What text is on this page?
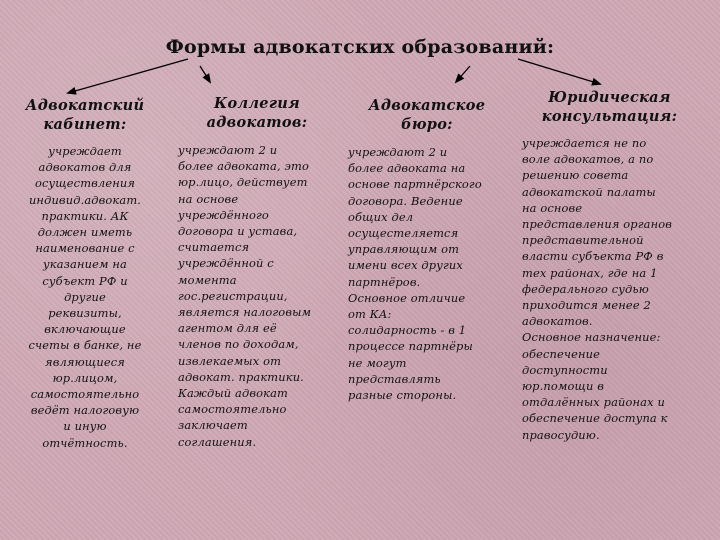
Формы адвокатских образований:
Адвокатский
кабинет:
учреждает
адвокатов для
осуществления
индивид.адвокат.
практики. АК
должен иметь
наименование с
указанием на
субъект РФ и
другие
реквизиты,
включающие
счеты в банке, не
являющиеся
юр.лицом,
самостоятельно
ведёт налоговую
и иную
отчётность.
Коллегия
адвокатов:
учреждают 2 и
более адвоката, это
юр.лицо, действует
на основе
учреждённого
договора и устава,
считается
учреждённой с
момента
гос.регистрации,
является налоговым
агентом для её
членов по доходам,
извлекаемых от
адвокат. практики.
Каждый адвокат
самостоятельно
заключает
соглашения.
Адвокатское
бюро:
учреждают 2 и
более адвоката на
основе партнёрского
договора. Ведение
общих дел
осущестеляется
управляющим от
имени всех других
партнёров.
Основное отличие
от КА:
солидарность - в 1
процессе партнёры
не могут
представлять
разные стороны.
Юридическая
консультация:
учреждается не по
воле адвокатов, а по
решению совета
адвокатской палаты
на основе
представления органов
представительной
власти субъекта РФ в
тех районах, где на 1
федерального судью
приходится менее 2
адвокатов.
Основное назначение:
обеспечение
доступности
юр.помощи в
отдалённых районах и
обеспечение доступа к
правосудию.
